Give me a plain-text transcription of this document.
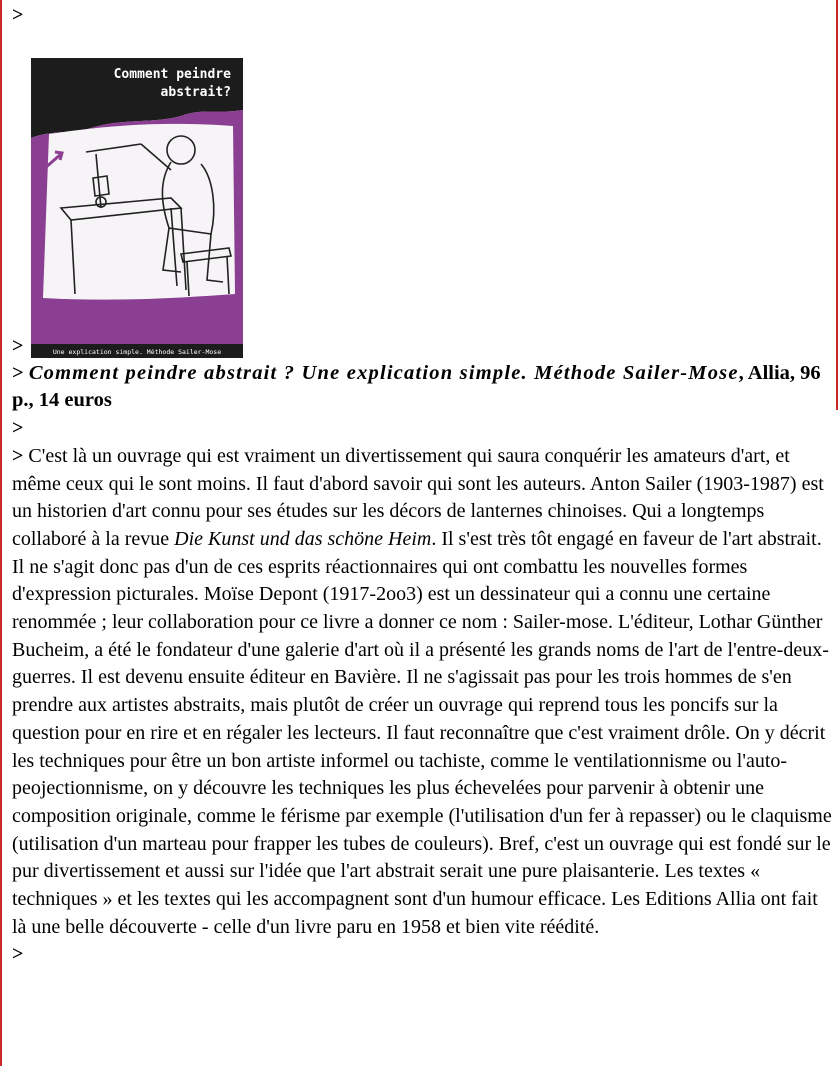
>
Comment peindre
abstrait?
Une explication simple. Méthode Sailer-Mose
>
> Comment peindre abstrait ? Une explication simple. Méthode Sailer-Mose, Allia, 96 p., 14 euros
>

> C'est là un ouvrage qui est vraiment un divertissement qui saura conquérir les amateurs d'art, et même ceux qui le sont moins. Il faut d'abord savoir qui sont les auteurs. Anton Sailer (1903-1987) est un historien d'art connu pour ses études sur les décors de lanternes chinoises. Qui a longtemps collaboré à la revue Die Kunst und das schöne Heim. Il s'est très tôt engagé en faveur de l'art abstrait. Il ne s'agit donc pas d'un de ces esprits réactionnaires qui ont combattu les nouvelles formes d'expression picturales. Moïse Depont (1917-2oo3) est un dessinateur qui a connu une certaine renommée ; leur collaboration pour ce livre a donner ce nom : Sailer-mose. L'éditeur, Lothar Günther Bucheim, a été le fondateur d'une galerie d'art où il a présenté les grands noms de l'art de l'entre-deux-guerres. Il est devenu ensuite éditeur en Bavière. Il ne s'agissait pas pour les trois hommes de s'en prendre aux artistes abstraits, mais plutôt de créer un ouvrage qui reprend tous les poncifs sur la question pour en rire et en régaler les lecteurs. Il faut reconnaître que c'est vraiment drôle. On y décrit les techniques pour être un bon artiste informel ou tachiste, comme le ventilationnisme ou l'auto-peojectionnisme, on y découvre les techniques les plus échevelées pour parvenir à obtenir une composition originale, comme le férisme par exemple (l'utilisation d'un fer à repasser) ou le claquisme (utilisation d'un marteau pour frapper les tubes de couleurs). Bref, c'est un ouvrage qui est fondé sur le pur divertissement et aussi sur l'idée que l'art abstrait serait une pure plaisanterie. Les textes « techniques » et les textes qui les accompagnent sont d'un humour efficace. Les Editions Allia ont fait là une belle découverte - celle d'un livre paru en 1958 et bien vite réédité.

>
